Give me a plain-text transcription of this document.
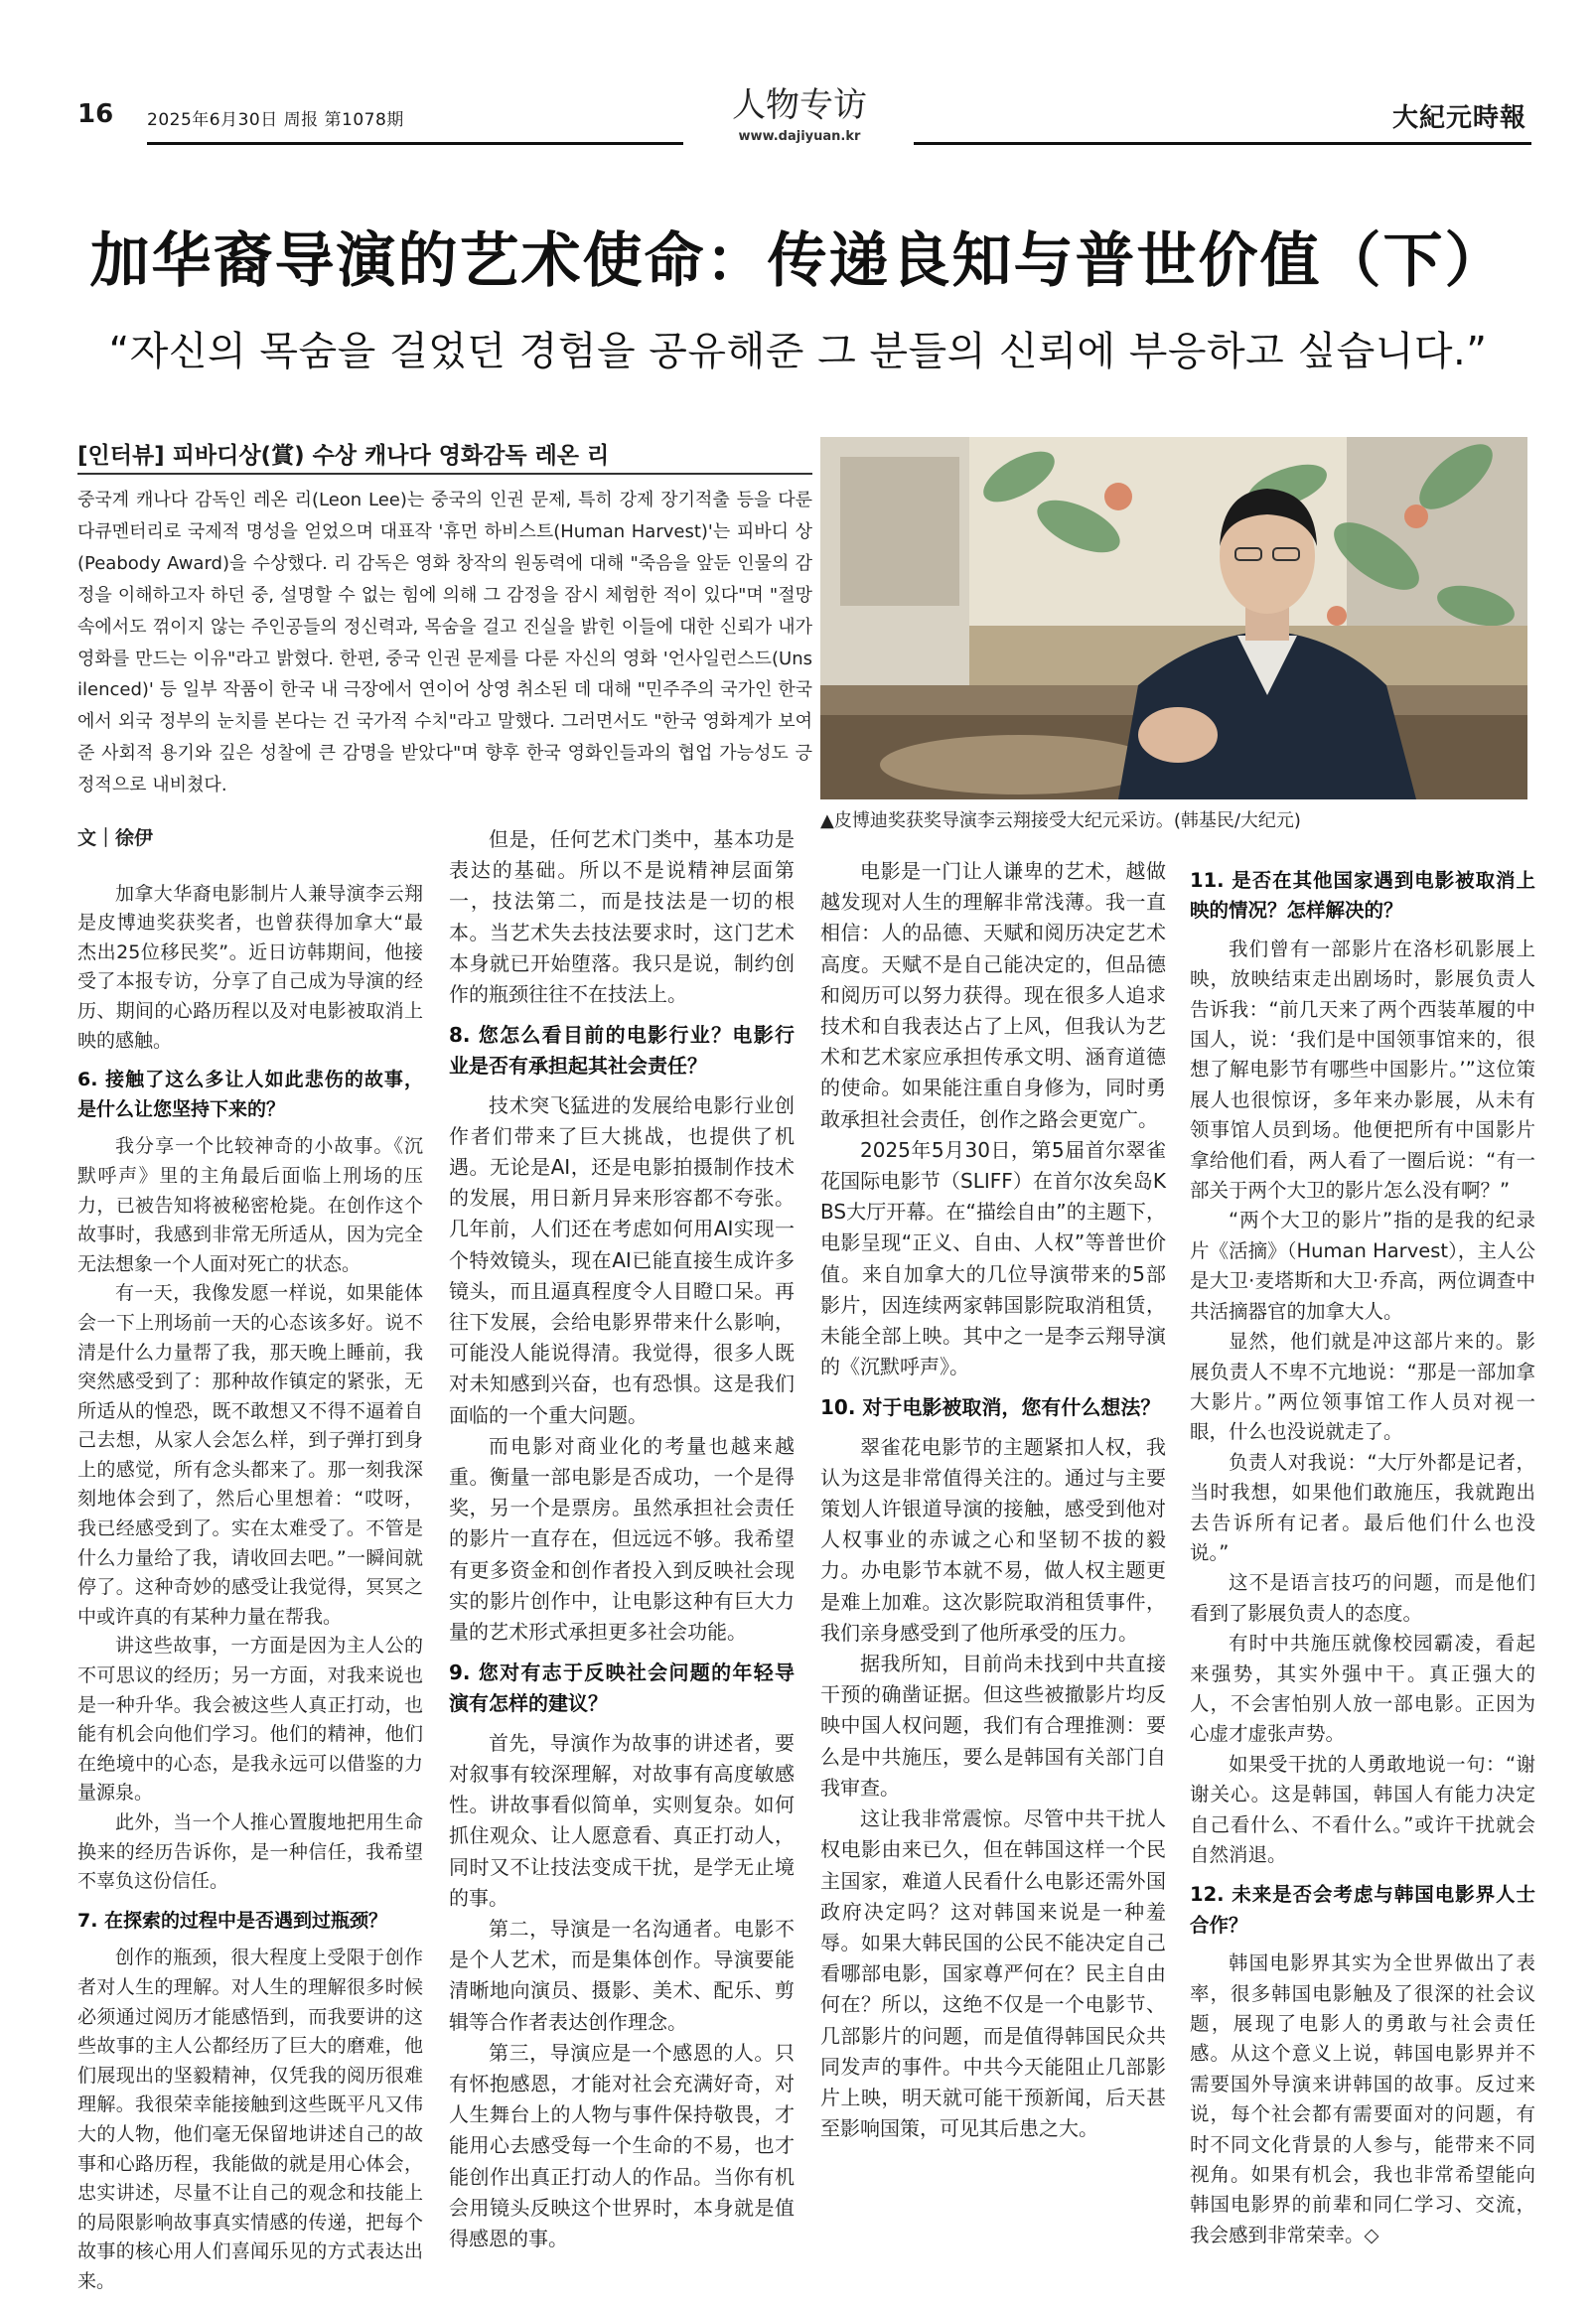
16 2025年6月30日 周报 第1078期	人物专访
www.dajiyuan.kr
大紀元時報
加华裔导演的艺术使命：传递良知与普世价值（下）
“자신의 목숨을 걸었던 경험을 공유해준 그 분들의 신뢰에 부응하고 싶습니다.”
[인터뷰] 피바디상(賞) 수상 캐나다 영화감독 레온 리

중국계 캐나다 감독인 레온 리(Leon Lee)는 중국의 인권 문제, 특히 강제 장기적출 등을 다룬 다큐멘터리로 국제적 명성을 얻었으며 대표작 '휴먼 하비스트(Human Harvest)'는 피바디 상(Peabody Award)을 수상했다. 리 감독은 영화 창작의 원동력에 대해 "죽음을 앞둔 인물의 감정을 이해하고자 하던 중, 설명할 수 없는 힘에 의해 그 감정을 잠시 체험한 적이 있다"며 "절망 속에서도 꺾이지 않는 주인공들의 정신력과, 목숨을 걸고 진실을 밝힌 이들에 대한 신뢰가 내가 영화를 만드는 이유"라고 밝혔다. 한편, 중국 인권 문제를 다룬 자신의 영화 '언사일런스드(Unsilenced)' 등 일부 작품이 한국 내 극장에서 연이어 상영 취소된 데 대해 "민주주의 국가인 한국에서 외국 정부의 눈치를 본다는 건 국가적 수치"라고 말했다. 그러면서도 "한국 영화계가 보여준 사회적 용기와 깊은 성찰에 큰 감명을 받았다"며 향후 한국 영화인들과의 협업 가능성도 긍정적으로 내비쳤다.

▲皮博迪奖获奖导演李云翔接受大纪元采访。(韩基民/大纪元)

文｜徐伊

加拿大华裔电影制片人兼导演李云翔是皮博迪奖获奖者，也曾获得加拿大“最杰出25位移民奖”。近日访韩期间，他接受了本报专访，分享了自己成为导演的经历、期间的心路历程以及对电影被取消上映的感触。

6. 接触了这么多让人如此悲伤的故事，是什么让您坚持下来的？

我分享一个比较神奇的小故事。《沉默呼声》里的主角最后面临上刑场的压力，已被告知将被秘密枪毙。在创作这个故事时，我感到非常无所适从，因为完全无法想象一个人面对死亡的状态。

有一天，我像发愿一样说，如果能体会一下上刑场前一天的心态该多好。说不清是什么力量帮了我，那天晚上睡前，我突然感受到了：那种故作镇定的紧张，无所适从的惶恐，既不敢想又不得不逼着自己去想，从家人会怎么样，到子弹打到身上的感觉，所有念头都来了。那一刻我深刻地体会到了，然后心里想着：“哎呀，我已经感受到了。实在太难受了。不管是什么力量给了我，请收回去吧。”一瞬间就停了。这种奇妙的感受让我觉得，冥冥之中或许真的有某种力量在帮我。

讲这些故事，一方面是因为主人公的不可思议的经历；另一方面，对我来说也是一种升华。我会被这些人真正打动，也能有机会向他们学习。他们的精神，他们在绝境中的心态，是我永远可以借鉴的力量源泉。

此外，当一个人推心置腹地把用生命换来的经历告诉你，是一种信任，我希望不辜负这份信任。

7. 在探索的过程中是否遇到过瓶颈？

创作的瓶颈，很大程度上受限于创作者对人生的理解。对人生的理解很多时候必须通过阅历才能感悟到，而我要讲的这些故事的主人公都经历了巨大的磨难，他们展现出的坚毅精神，仅凭我的阅历很难理解。我很荣幸能接触到这些既平凡又伟大的人物，他们毫无保留地讲述自己的故事和心路历程，我能做的就是用心体会，忠实讲述，尽量不让自己的观念和技能上的局限影响故事真实情感的传递，把每个故事的核心用人们喜闻乐见的方式表达出来。

但是，任何艺术门类中，基本功是表达的基础。所以不是说精神层面第一，技法第二，而是技法是一切的根本。当艺术失去技法要求时，这门艺术本身就已开始堕落。我只是说，制约创作的瓶颈往往不在技法上。

8. 您怎么看目前的电影行业？电影行业是否有承担起其社会责任？

技术突飞猛进的发展给电影行业创作者们带来了巨大挑战，也提供了机遇。无论是AI，还是电影拍摄制作技术的发展，用日新月异来形容都不夸张。几年前，人们还在考虑如何用AI实现一个特效镜头，现在AI已能直接生成许多镜头，而且逼真程度令人目瞪口呆。再往下发展，会给电影界带来什么影响，可能没人能说得清。我觉得，很多人既对未知感到兴奋，也有恐惧。这是我们面临的一个重大问题。

而电影对商业化的考量也越来越重。衡量一部电影是否成功，一个是得奖，另一个是票房。虽然承担社会责任的影片一直存在，但远远不够。我希望有更多资金和创作者投入到反映社会现实的影片创作中，让电影这种有巨大力量的艺术形式承担更多社会功能。

9. 您对有志于反映社会问题的年轻导演有怎样的建议？

首先，导演作为故事的讲述者，要对叙事有较深理解，对故事有高度敏感性。讲故事看似简单，实则复杂。如何抓住观众、让人愿意看、真正打动人，同时又不让技法变成干扰，是学无止境的事。

第二，导演是一名沟通者。电影不是个人艺术，而是集体创作。导演要能清晰地向演员、摄影、美术、配乐、剪辑等合作者表达创作理念。

第三，导演应是一个感恩的人。只有怀抱感恩，才能对社会充满好奇，对人生舞台上的人物与事件保持敬畏，才能用心去感受每一个生命的不易，也才能创作出真正打动人的作品。当你有机会用镜头反映这个世界时，本身就是值得感恩的事。

电影是一门让人谦卑的艺术，越做越发现对人生的理解非常浅薄。我一直相信：人的品德、天赋和阅历决定艺术高度。天赋不是自己能决定的，但品德和阅历可以努力获得。现在很多人追求技术和自我表达占了上风，但我认为艺术和艺术家应承担传承文明、涵育道德的使命。如果能注重自身修为，同时勇敢承担社会责任，创作之路会更宽广。

2025年5月30日，第5届首尔翠雀花国际电影节（SLIFF）在首尔汝矣岛KBS大厅开幕。在“描绘自由”的主题下，电影呈现“正义、自由、人权”等普世价值。来自加拿大的几位导演带来的5部影片，因连续两家韩国影院取消租赁，未能全部上映。其中之一是李云翔导演的《沉默呼声》。

10. 对于电影被取消，您有什么想法？

翠雀花电影节的主题紧扣人权，我认为这是非常值得关注的。通过与主要策划人许银道导演的接触，感受到他对人权事业的赤诚之心和坚韧不拔的毅力。办电影节本就不易，做人权主题更是难上加难。这次影院取消租赁事件，我们亲身感受到了他所承受的压力。

据我所知，目前尚未找到中共直接干预的确凿证据。但这些被撤影片均反映中国人权问题，我们有合理推测：要么是中共施压，要么是韩国有关部门自我审查。

这让我非常震惊。尽管中共干扰人权电影由来已久，但在韩国这样一个民主国家，难道人民看什么电影还需外国政府决定吗？这对韩国来说是一种羞辱。如果大韩民国的公民不能决定自己看哪部电影，国家尊严何在？民主自由何在？所以，这绝不仅是一个电影节、几部影片的问题，而是值得韩国民众共同发声的事件。中共今天能阻止几部影片上映，明天就可能干预新闻，后天甚至影响国策，可见其后患之大。

11. 是否在其他国家遇到电影被取消上映的情况？怎样解决的？

我们曾有一部影片在洛杉矶影展上映，放映结束走出剧场时，影展负责人告诉我：“前几天来了两个西装革履的中国人，说：‘我们是中国领事馆来的，很想了解电影节有哪些中国影片。’”这位策展人也很惊讶，多年来办影展，从未有领事馆人员到场。他便把所有中国影片拿给他们看，两人看了一圈后说：“有一部关于两个大卫的影片怎么没有啊？”

“两个大卫的影片”指的是我的纪录片《活摘》（Human Harvest），主人公是大卫·麦塔斯和大卫·乔高，两位调查中共活摘器官的加拿大人。

显然，他们就是冲这部片来的。影展负责人不卑不亢地说：“那是一部加拿大影片。”两位领事馆工作人员对视一眼，什么也没说就走了。

负责人对我说：“大厅外都是记者，当时我想，如果他们敢施压，我就跑出去告诉所有记者。最后他们什么也没说。”

这不是语言技巧的问题，而是他们看到了影展负责人的态度。

有时中共施压就像校园霸凌，看起来强势，其实外强中干。真正强大的人，不会害怕别人放一部电影。正因为心虚才虚张声势。

如果受干扰的人勇敢地说一句：“谢谢关心。这是韩国，韩国人有能力决定自己看什么、不看什么。”或许干扰就会自然消退。

12. 未来是否会考虑与韩国电影界人士合作？

韩国电影界其实为全世界做出了表率，很多韩国电影触及了很深的社会议题，展现了电影人的勇敢与社会责任感。从这个意义上说，韩国电影界并不需要国外导演来讲韩国的故事。反过来说，每个社会都有需要面对的问题，有时不同文化背景的人参与，能带来不同视角。如果有机会，我也非常希望能向韩国电影界的前辈和同仁学习、交流，我会感到非常荣幸。◇
